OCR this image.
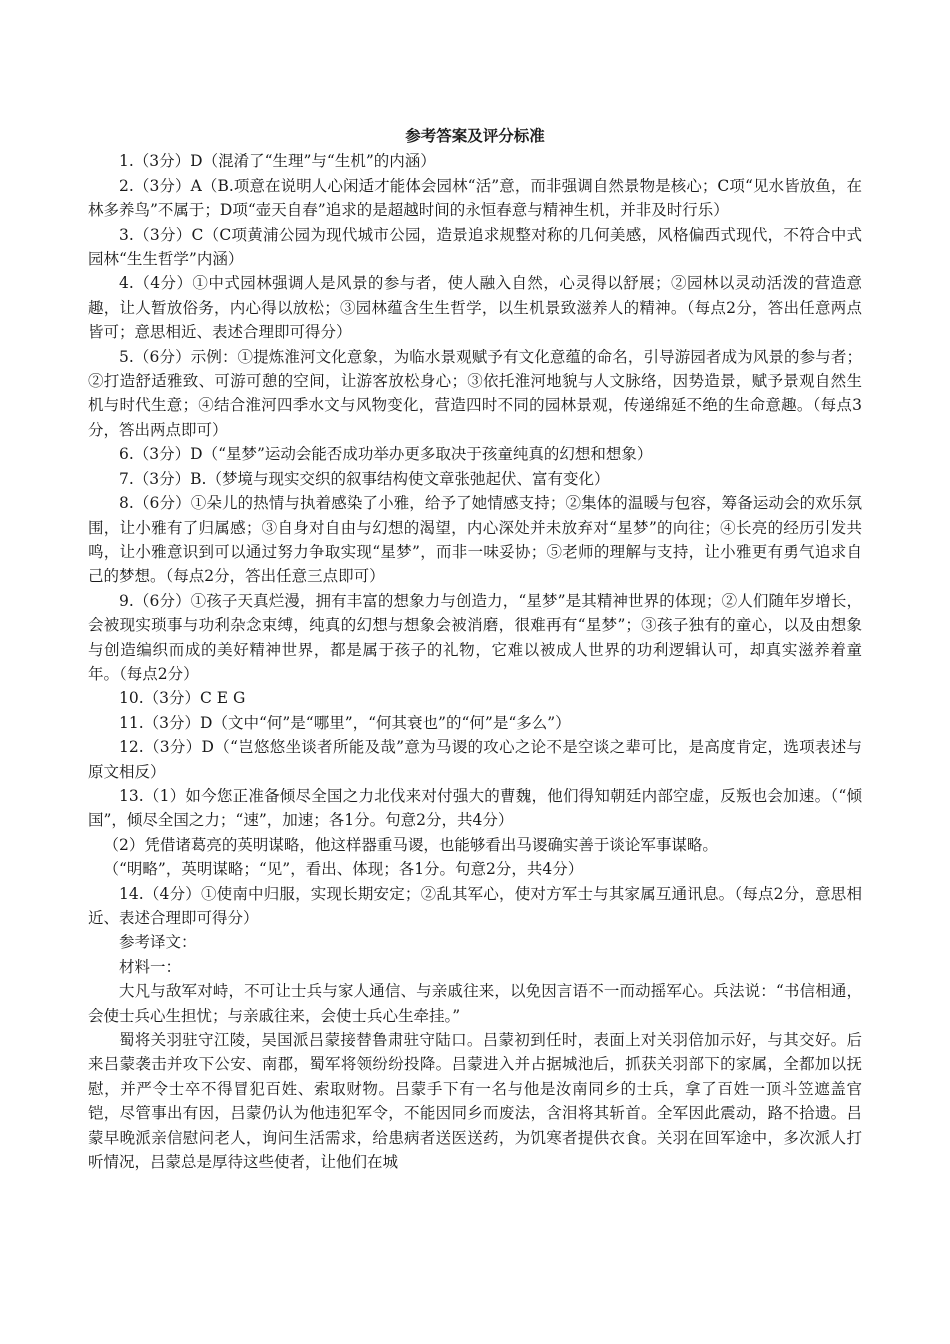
参考答案及评分标准

1.（3分）D（混淆了“生理”与“生机”的内涵）

2.（3分）A（B.项意在说明人心闲适才能体会园林“活”意，而非强调自然景物是核心；C项“见水皆放鱼，在林多养鸟”不属于；D项“壶天自春”追求的是超越时间的永恒春意与精神生机，并非及时行乐）

3.（3分）C（C项黄浦公园为现代城市公园，造景追求规整对称的几何美感，风格偏西式现代，不符合中式园林“生生哲学”内涵）

4.（4分）①中式园林强调人是风景的参与者，使人融入自然，心灵得以舒展；②园林以灵动活泼的营造意趣，让人暂放俗务，内心得以放松；③园林蕴含生生哲学，以生机景致滋养人的精神。（每点2分，答出任意两点皆可；意思相近、表述合理即可得分）

5.（6分）示例：①提炼淮河文化意象，为临水景观赋予有文化意蕴的命名，引导游园者成为风景的参与者；②打造舒适雅致、可游可憩的空间，让游客放松身心；③依托淮河地貌与人文脉络，因势造景，赋予景观自然生机与时代生意；④结合淮河四季水文与风物变化，营造四时不同的园林景观，传递绵延不绝的生命意趣。（每点3分，答出两点即可）

6.（3分）D（“星梦”运动会能否成功举办更多取决于孩童纯真的幻想和想象）

7.（3分）B.（梦境与现实交织的叙事结构使文章张弛起伏、富有变化）

8.（6分）①朵儿的热情与执着感染了小雅，给予了她情感支持；②集体的温暖与包容，筹备运动会的欢乐氛围，让小雅有了归属感；③自身对自由与幻想的渴望，内心深处并未放弃对“星梦”的向往；④长亮的经历引发共鸣，让小雅意识到可以通过努力争取实现“星梦”，而非一味妥协；⑤老师的理解与支持，让小雅更有勇气追求自己的梦想。（每点2分，答出任意三点即可）

9.（6分）①孩子天真烂漫，拥有丰富的想象力与创造力，“星梦”是其精神世界的体现；②人们随年岁增长，会被现实琐事与功利杂念束缚，纯真的幻想与想象会被消磨，很难再有“星梦”；③孩子独有的童心，以及由想象与创造编织而成的美好精神世界，都是属于孩子的礼物，它难以被成人世界的功利逻辑认可，却真实滋养着童年。（每点2分）

10.（3分）C E G

11.（3分）D（文中“何”是“哪里”，“何其衰也”的“何”是“多么”）

12.（3分）D（“岂悠悠坐谈者所能及哉”意为马谡的攻心之论不是空谈之辈可比，是高度肯定，选项表述与原文相反）

13.（1）如今您正准备倾尽全国之力北伐来对付强大的曹魏，他们得知朝廷内部空虚，反叛也会加速。（“倾国”，倾尽全国之力；“速”，加速；各1分。句意2分，共4分）

（2）凭借诸葛亮的英明谋略，他这样器重马谡，也能够看出马谡确实善于谈论军事谋略。

（“明略”，英明谋略；“见”，看出、体现；各1分。句意2分，共4分）

14.（4分）①使南中归服，实现长期安定；②乱其军心，使对方军士与其家属互通讯息。（每点2分，意思相近、表述合理即可得分）

参考译文：

材料一：

大凡与敌军对峙，不可让士兵与家人通信、与亲戚往来，以免因言语不一而动摇军心。兵法说：“书信相通，会使士兵心生担忧；与亲戚往来，会使士兵心生牵挂。”

蜀将关羽驻守江陵，吴国派吕蒙接替鲁肃驻守陆口。吕蒙初到任时，表面上对关羽倍加示好，与其交好。后来吕蒙袭击并攻下公安、南郡，蜀军将领纷纷投降。吕蒙进入并占据城池后，抓获关羽部下的家属，全都加以抚慰，并严令士卒不得冒犯百姓、索取财物。吕蒙手下有一名与他是汝南同乡的士兵，拿了百姓一顶斗笠遮盖官铠，尽管事出有因，吕蒙仍认为他违犯军令，不能因同乡而废法，含泪将其斩首。全军因此震动，路不拾遗。吕蒙早晚派亲信慰问老人，询问生活需求，给患病者送医送药，为饥寒者提供衣食。关羽在回军途中，多次派人打听情况，吕蒙总是厚待这些使者，让他们在城
